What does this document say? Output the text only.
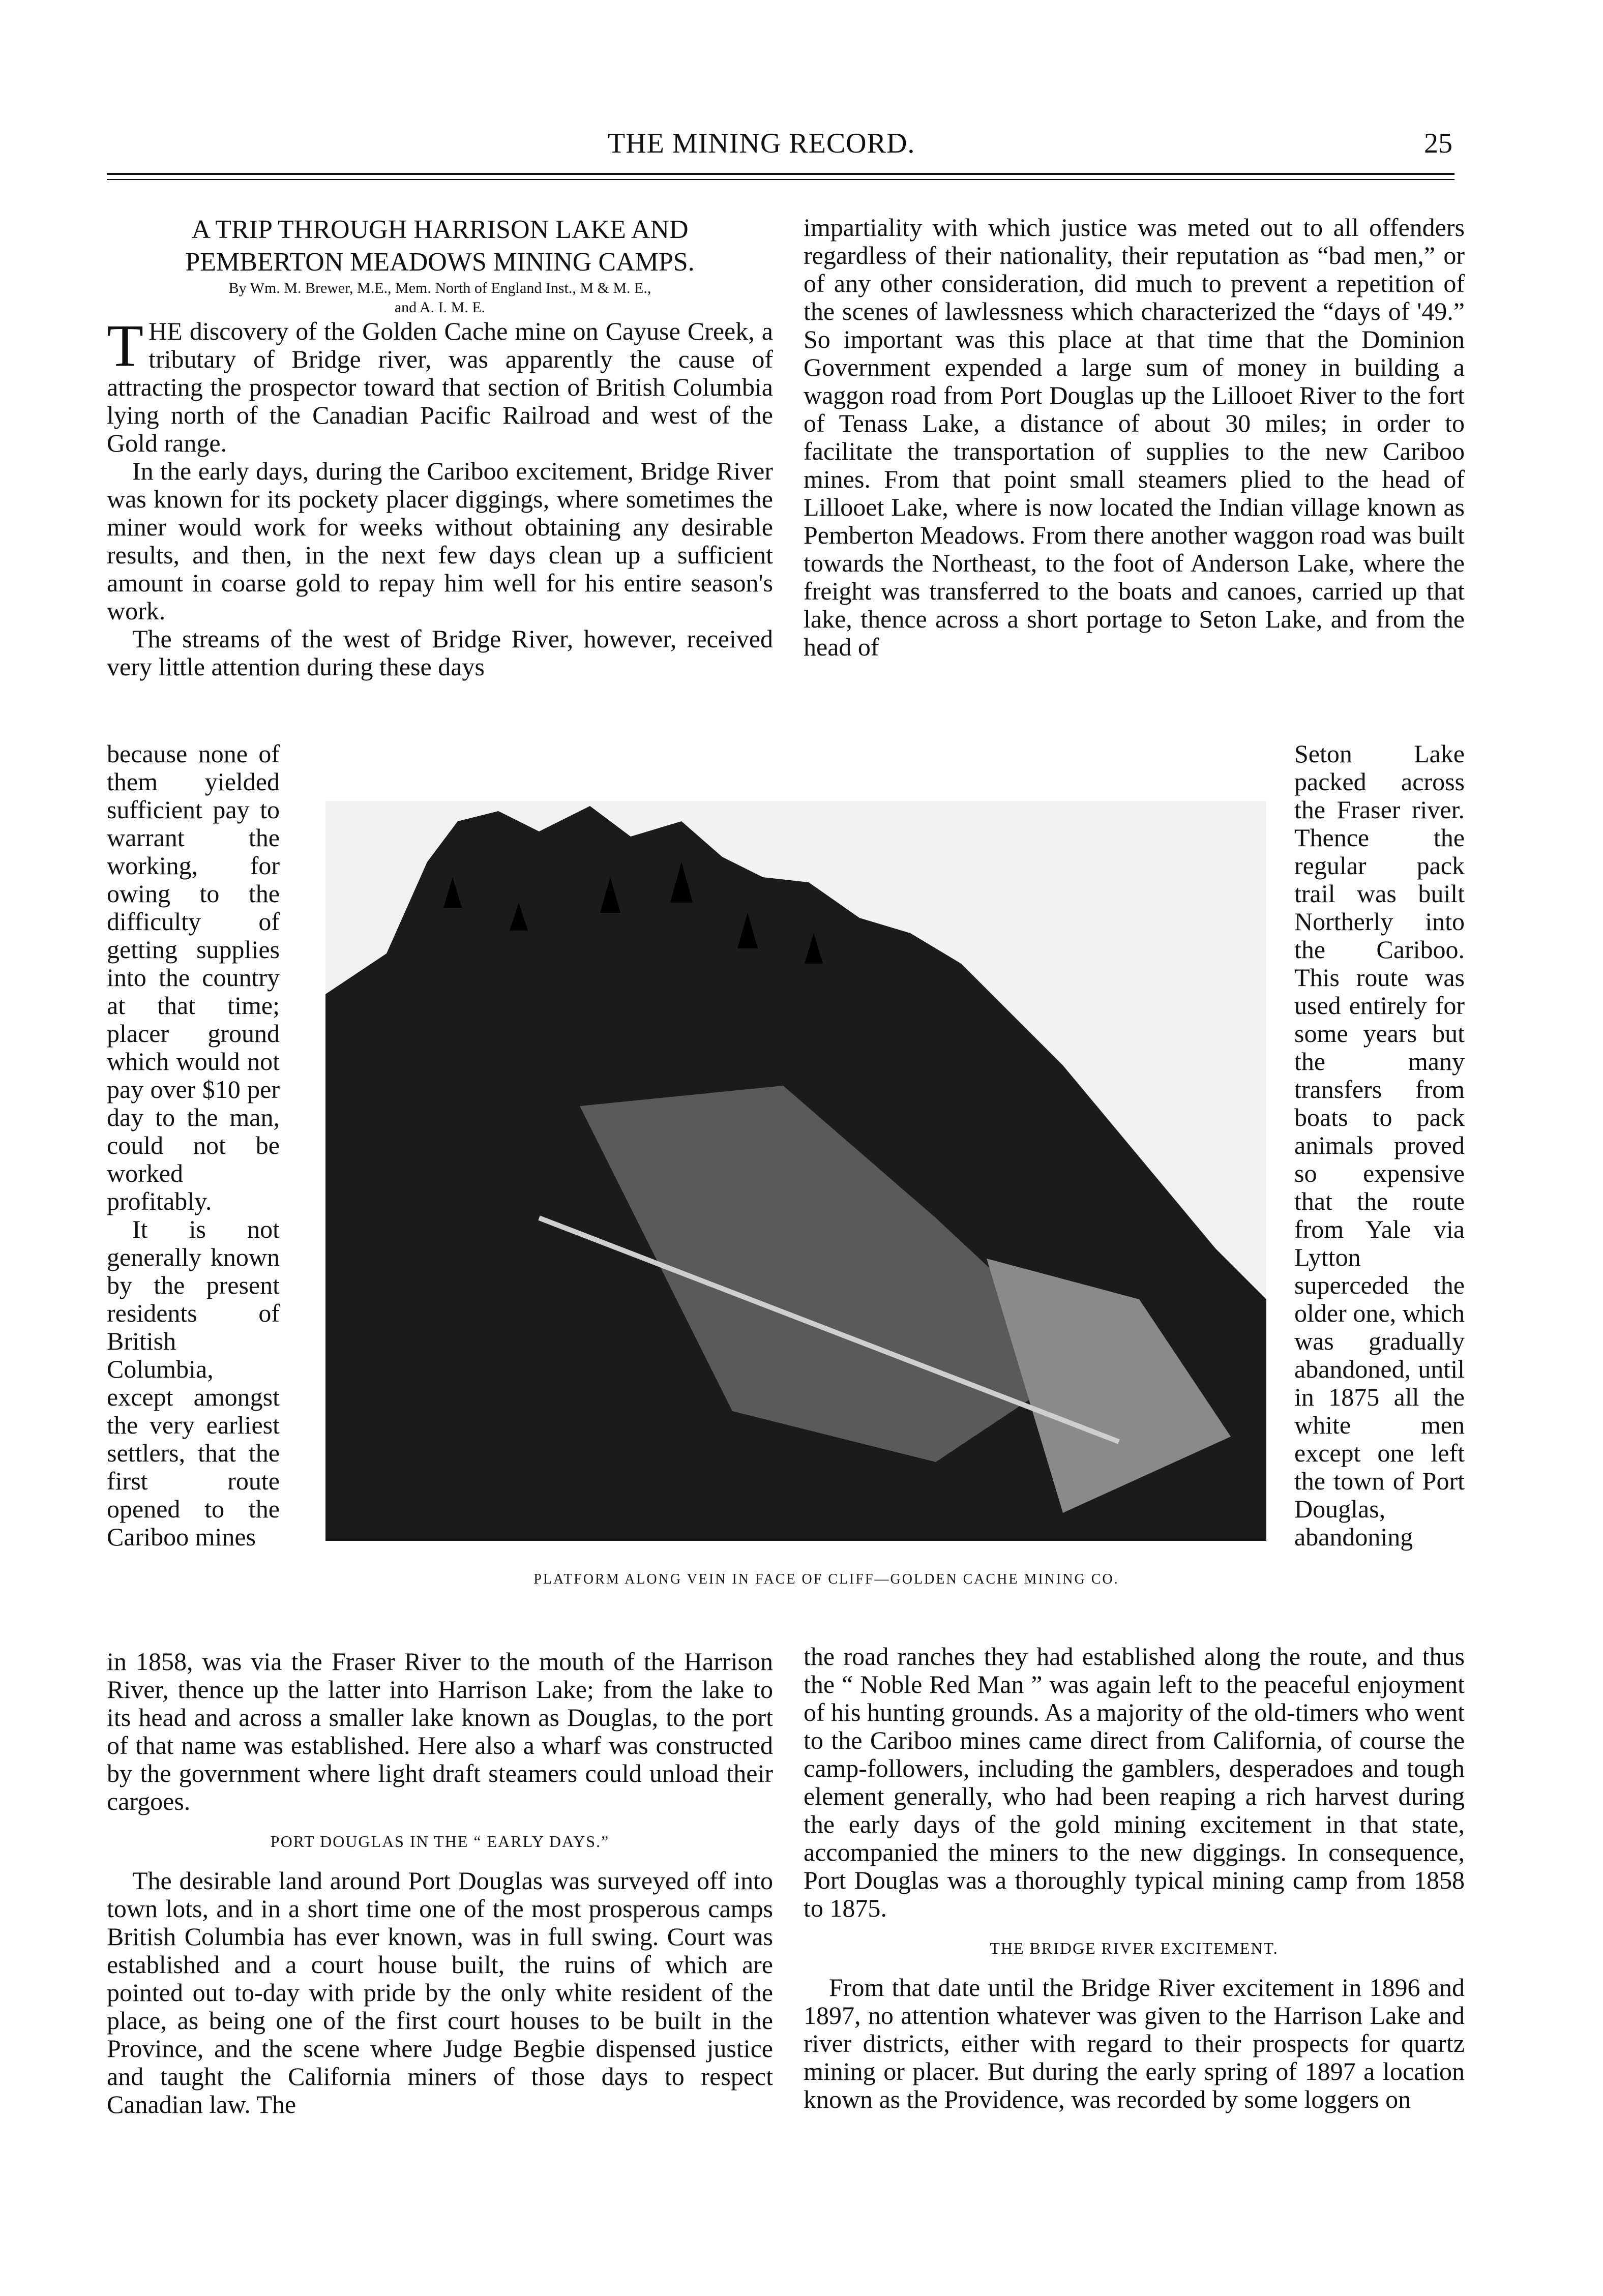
THE MINING RECORD.	25

A TRIP THROUGH HARRISON LAKE AND
PEMBERTON MEADOWS MINING CAMPS.

By Wm. M. Brewer, M.E., Mem. North of England Inst., M & M. E.,
and A. I. M. E.

THE discovery of the Golden Cache mine on Cayuse Creek, a tributary of Bridge river, was apparently the cause of attracting the prospector toward that section of British Columbia lying north of the Canadian Pacific Railroad and west of the Gold range.

In the early days, during the Cariboo excitement, Bridge River was known for its pockety placer diggings, where sometimes the miner would work for weeks without obtaining any desirable results, and then, in the next few days clean up a sufficient amount in coarse gold to repay him well for his entire season's work.

The streams of the west of Bridge River, however, received very little attention during these days

because none of them yielded sufficient pay to warrant the working, for owing to the difficulty of getting supplies into the country at that time; placer ground which would not pay over $10 per day to the man, could not be worked profitably.
It is not generally known by the present residents of British Columbia, except amongst the very earliest settlers, that the first route opened to the Cariboo mines
PLATFORM ALONG VEIN IN FACE OF CLIFF—GOLDEN CACHE MINING CO.
in 1858, was via the Fraser River to the mouth of the Harrison River, thence up the latter into Harrison Lake; from the lake to its head and across a smaller lake known as Douglas, to the port of that name was established. Here also a wharf was constructed by the government where light draft steamers could unload their cargoes.
PORT DOUGLAS IN THE “ EARLY DAYS.”
The desirable land around Port Douglas was surveyed off into town lots, and in a short time one of the most prosperous camps British Columbia has ever known, was in full swing. Court was established and a court house built, the ruins of which are pointed out to-day with pride by the only white resident of the place, as being one of the first court houses to be built in the Province, and the scene where Judge Begbie dispensed justice and taught the California miners of those days to respect Canadian law. The
impartiality with which justice was meted out to all offenders regardless of their nationality, their reputation as “bad men,” or of any other consideration, did much to prevent a repetition of the scenes of lawlessness which characterized the “days of '49.” So important was this place at that time that the Dominion Government expended a large sum of money in building a waggon road from Port Douglas up the Lillooet River to the fort of Tenass Lake, a distance of about 30 miles; in order to facilitate the transportation of supplies to the new Cariboo mines. From that point small steamers plied to the head of Lillooet Lake, where is now located the Indian village known as Pemberton Meadows. From there another waggon road was built towards the Northeast, to the foot of Anderson Lake, where the freight was transferred to the boats and canoes, carried up that lake, thence across a short portage to Seton Lake, and from the head of
Seton Lake packed across the Fraser river. Thence the regular pack trail was built Northerly into the Cariboo. This route was used entirely for some years but the many transfers from boats to pack animals proved so expensive that the route from Yale via Lytton superceded the older one, which was gradually abandoned, until in 1875 all the white men except one left the town of Port Douglas, abandoning
the road ranches they had established along the route, and thus the “ Noble Red Man ” was again left to the peaceful enjoyment of his hunting grounds. As a majority of the old-timers who went to the Cariboo mines came direct from California, of course the camp-followers, including the gamblers, desperadoes and tough element generally, who had been reaping a rich harvest during the early days of the gold mining excitement in that state, accompanied the miners to the new diggings. In consequence, Port Douglas was a thoroughly typical mining camp from 1858 to 1875.
THE BRIDGE RIVER EXCITEMENT.
From that date until the Bridge River excitement in 1896 and 1897, no attention whatever was given to the Harrison Lake and river districts, either with regard to their prospects for quartz mining or placer. But during the early spring of 1897 a location known as the Providence, was recorded by some loggers on
